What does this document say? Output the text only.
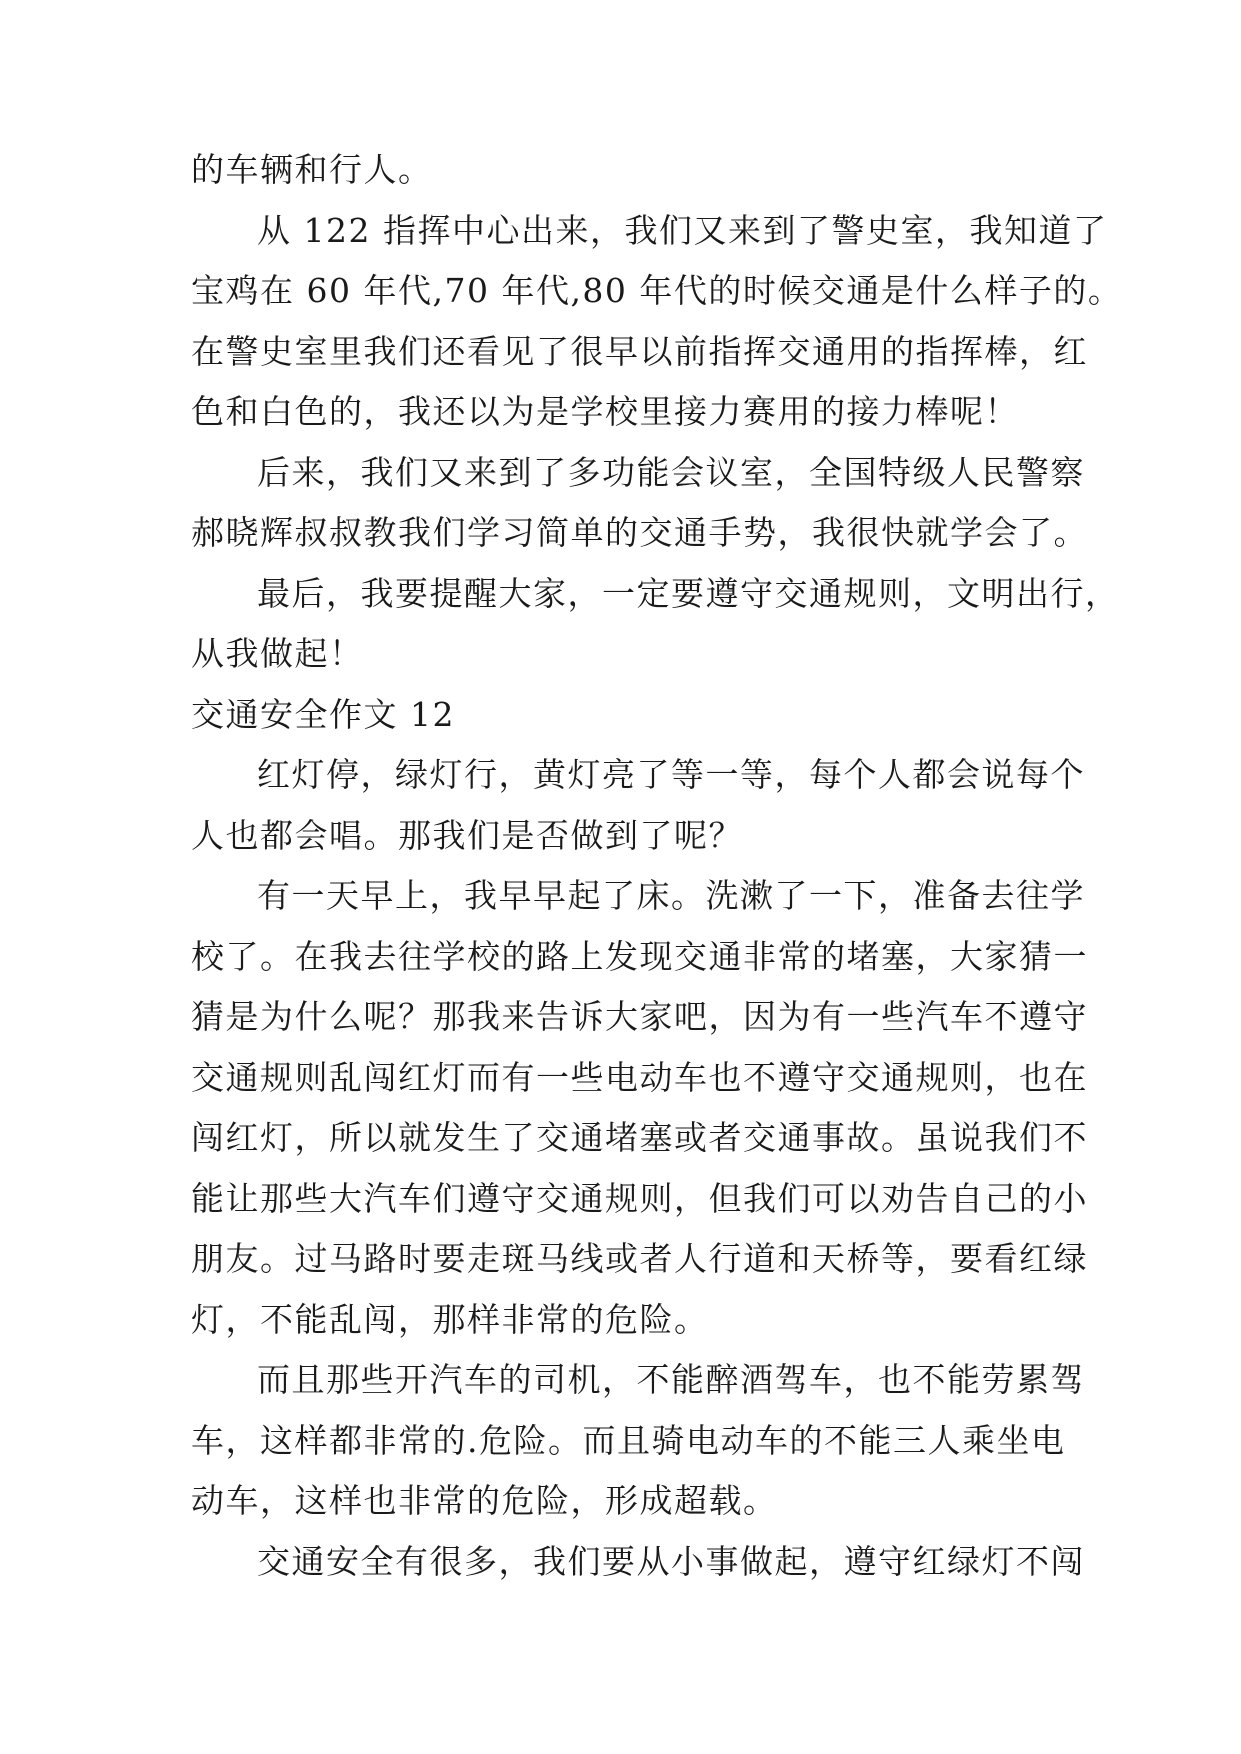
的车辆和行人。
从 122 指挥中心出来，我们又来到了警史室，我知道了
宝鸡在 60 年代,70 年代,80 年代的时候交通是什么样子的。
在警史室里我们还看见了很早以前指挥交通用的指挥棒，红
色和白色的，我还以为是学校里接力赛用的接力棒呢！
后来，我们又来到了多功能会议室，全国特级人民警察
郝晓辉叔叔教我们学习简单的交通手势，我很快就学会了。
最后，我要提醒大家，一定要遵守交通规则，文明出行，
从我做起！
交通安全作文 12
红灯停，绿灯行，黄灯亮了等一等，每个人都会说每个
人也都会唱。那我们是否做到了呢？
有一天早上，我早早起了床。洗漱了一下，准备去往学
校了。在我去往学校的路上发现交通非常的堵塞，大家猜一
猜是为什么呢？那我来告诉大家吧，因为有一些汽车不遵守
交通规则乱闯红灯而有一些电动车也不遵守交通规则，也在
闯红灯，所以就发生了交通堵塞或者交通事故。虽说我们不
能让那些大汽车们遵守交通规则，但我们可以劝告自己的小
朋友。过马路时要走斑马线或者人行道和天桥等，要看红绿
灯，不能乱闯，那样非常的危险。
而且那些开汽车的司机，不能醉酒驾车，也不能劳累驾
车，这样都非常的.危险。而且骑电动车的不能三人乘坐电
动车，这样也非常的危险，形成超载。
交通安全有很多，我们要从小事做起，遵守红绿灯不闯
